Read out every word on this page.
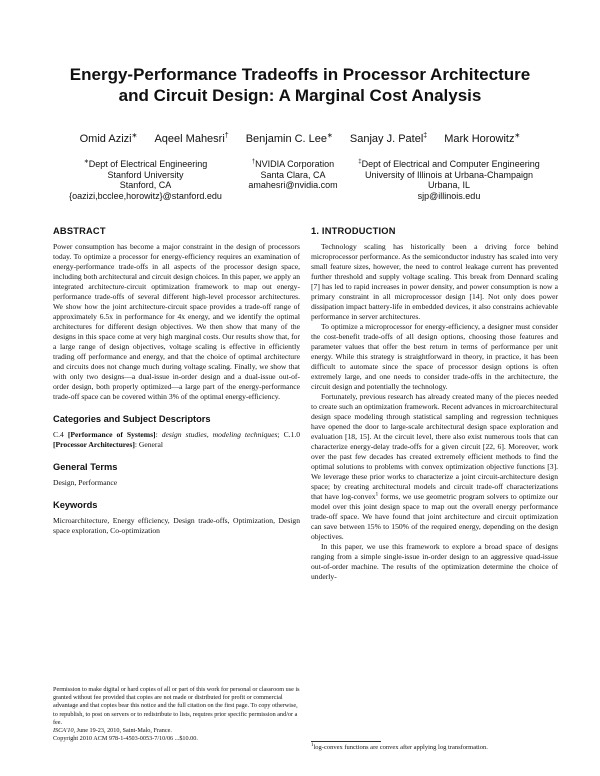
Energy-Performance Tradeoffs in Processor Architecture
and Circuit Design: A Marginal Cost Analysis
Omid Azizi∗ Aqeel Mahesri† Benjamin C. Lee∗ Sanjay J. Patel‡ Mark Horowitz∗
∗Dept of Electrical Engineering
Stanford University
Stanford, CA
{oazizi,bcclee,horowitz}@stanford.edu
†NVIDIA Corporation
Santa Clara, CA
amahesri@nvidia.com
‡Dept of Electrical and Computer Engineering
University of Illinois at Urbana-Champaign
Urbana, IL
sjp@illinois.edu
ABSTRACT

Power consumption has become a major constraint in the design of processors today. To optimize a processor for energy-efficiency requires an examination of energy-performance trade-offs in all aspects of the processor design space, including both architectural and circuit design choices. In this paper, we apply an integrated architecture-circuit optimization framework to map out energy-performance trade-offs of several different high-level processor architectures. We show how the joint architecture-circuit space provides a trade-off range of approximately 6.5x in performance for 4x energy, and we identify the optimal architectures for different design objectives. We then show that many of the designs in this space come at very high marginal costs. Our results show that, for a large range of design objectives, voltage scaling is effective in efficiently trading off performance and energy, and that the choice of optimal architecture and circuits does not change much during voltage scaling. Finally, we show that with only two designs—a dual-issue in-order design and a dual-issue out-of-order design, both properly optimized—a large part of the energy-performance trade-off space can be covered within 3% of the optimal energy-efficiency.

Categories and Subject Descriptors

C.4 [Performance of Systems]: design studies, modeling techniques; C.1.0 [Processor Architectures]: General

General Terms

Design, Performance

Keywords

Microarchitecture, Energy efficiency, Design trade-offs, Optimization, Design space exploration, Co-optimization

Permission to make digital or hard copies of all or part of this work for personal or classroom use is granted without fee provided that copies are not made or distributed for profit or commercial advantage and that copies bear this notice and the full citation on the first page. To copy otherwise, to republish, to post on servers or to redistribute to lists, requires prior specific permission and/or a fee.

ISCA'10, June 19-23, 2010, Saint-Malo, France.

Copyright 2010 ACM 978-1-4503-0053-7/10/06 ...$10.00.

1. INTRODUCTION

Technology scaling has historically been a driving force behind microprocessor performance. As the semiconductor industry has scaled into very small feature sizes, however, the need to control leakage current has prevented further threshold and supply voltage scaling. This break from Dennard scaling [7] has led to rapid increases in power density, and power consumption is now a primary constraint in all microprocessor design [14]. Not only does power dissipation impact battery-life in embedded devices, it also constrains achievable performance in server architectures.

To optimize a microprocessor for energy-efficiency, a designer must consider the cost-benefit trade-offs of all design options, choosing those features and parameter values that offer the best return in terms of performance per unit energy. While this strategy is straightforward in theory, in practice, it has been difficult to automate since the space of processor design options is often extremely large, and one needs to consider trade-offs in the architecture, the circuit design and potentially the technology.

Fortunately, previous research has already created many of the pieces needed to create such an optimization framework. Recent advances in microarchitectural design space modeling through statistical sampling and regression techniques have opened the door to large-scale architectural design space exploration and evaluation [18, 15]. At the circuit level, there also exist numerous tools that can characterize energy-delay trade-offs for a given circuit [22, 6]. Moreover, work over the past few decades has created extremely efficient methods to find the optimal solutions to problems with convex optimization objective functions [3]. We leverage these prior works to characterize a joint circuit-architecture design space; by creating architectural models and circuit trade-off characterizations that have log-convex$^1$ forms, we use geometric program solvers to optimize our model over this joint design space to map out the overall energy performance trade-off space. We have found that joint architecture and circuit optimization can save between 15% to 150% of the required energy, depending on the design objectives.

In this paper, we use this framework to explore a broad space of designs ranging from a simple single-issue in-order design to an aggressive quad-issue out-of-order machine. The results of the optimization determine the choice of underly-

$^1$log-convex functions are convex after applying log transformation.
